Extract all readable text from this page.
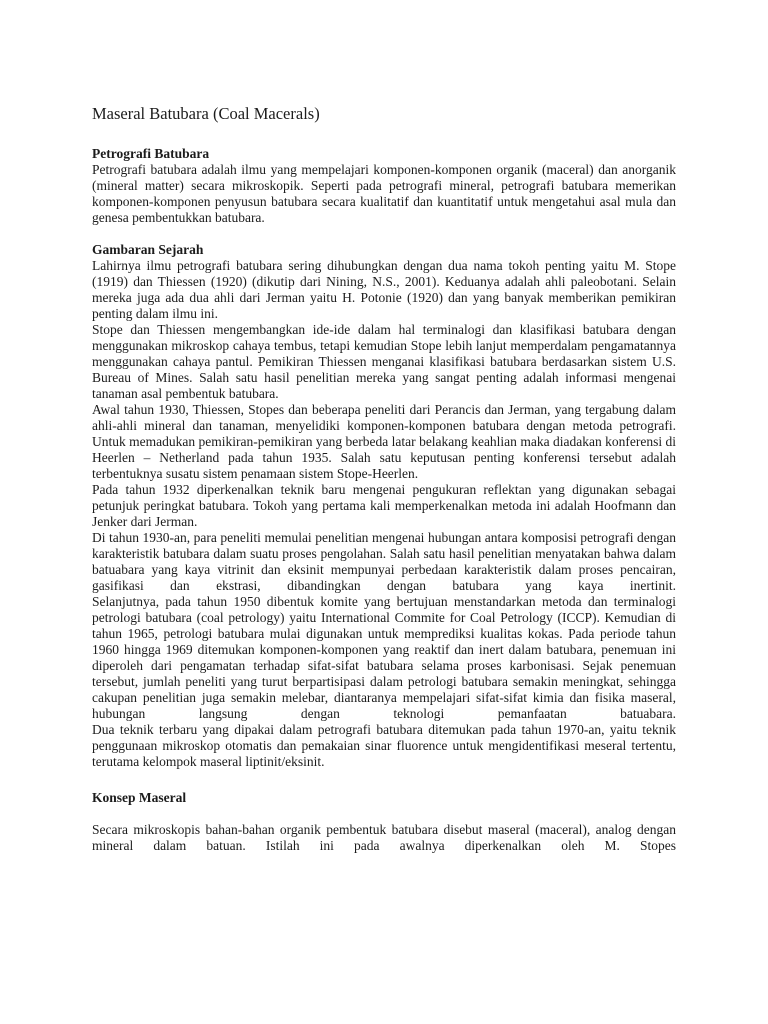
Maseral Batubara (Coal Macerals)
Petrografi Batubara

Petrografi batubara adalah ilmu yang mempelajari komponen-komponen organik (maceral) dan anorganik (mineral matter) secara mikroskopik. Seperti pada petrografi mineral, petrografi batubara memerikan komponen-komponen penyusun batubara secara kualitatif dan kuantitatif untuk mengetahui asal mula dan genesa pembentukkan batubara.

Gambaran Sejarah

Lahirnya ilmu petrografi batubara sering dihubungkan dengan dua nama tokoh penting yaitu M. Stope (1919) dan Thiessen (1920) (dikutip dari Nining, N.S., 2001). Keduanya adalah ahli paleobotani. Selain mereka juga ada dua ahli dari Jerman yaitu H. Potonie (1920) dan yang banyak memberikan pemikiran penting dalam ilmu ini.

Stope dan Thiessen mengembangkan ide-ide dalam hal terminalogi dan klasifikasi batubara dengan menggunakan mikroskop cahaya tembus, tetapi kemudian Stope lebih lanjut memperdalam pengamatannya menggunakan cahaya pantul. Pemikiran Thiessen menganai klasifikasi batubara berdasarkan sistem U.S. Bureau of Mines. Salah satu hasil penelitian mereka yang sangat penting adalah informasi mengenai tanaman asal pembentuk batubara.

Awal tahun 1930, Thiessen, Stopes dan beberapa peneliti dari Perancis dan Jerman, yang tergabung dalam ahli-ahli mineral dan tanaman, menyelidiki komponen-komponen batubara dengan metoda petrografi. Untuk memadukan pemikiran-pemikiran yang berbeda latar belakang keahlian maka diadakan konferensi di Heerlen – Netherland pada tahun 1935. Salah satu keputusan penting konferensi tersebut adalah terbentuknya susatu sistem penamaan sistem Stope-Heerlen.

Pada tahun 1932 diperkenalkan teknik baru mengenai pengukuran reflektan yang digunakan sebagai petunjuk peringkat batubara. Tokoh yang pertama kali memperkenalkan metoda ini adalah Hoofmann dan Jenker dari Jerman.

Di tahun 1930-an, para peneliti memulai penelitian mengenai hubungan antara komposisi petrografi dengan karakteristik batubara dalam suatu proses pengolahan. Salah satu hasil penelitian menyatakan bahwa dalam batuabara yang kaya vitrinit dan eksinit mempunyai perbedaan karakteristik dalam proses pencairan, gasifikasi dan ekstrasi, dibandingkan dengan batubara yang kaya inertinit.

Selanjutnya, pada tahun 1950 dibentuk komite yang bertujuan menstandarkan metoda dan terminalogi petrologi batubara (coal petrology) yaitu International Commite for Coal Petrology (ICCP). Kemudian di tahun 1965, petrologi batubara mulai digunakan untuk memprediksi kualitas kokas. Pada periode tahun 1960 hingga 1969 ditemukan komponen-komponen yang reaktif dan inert dalam batubara, penemuan ini diperoleh dari pengamatan terhadap sifat-sifat batubara selama proses karbonisasi. Sejak penemuan tersebut, jumlah peneliti yang turut berpartisipasi dalam petrologi batubara semakin meningkat, sehingga cakupan penelitian juga semakin melebar, diantaranya mempelajari sifat-sifat kimia dan fisika maseral, hubungan langsung dengan teknologi pemanfaatan batuabara.

Dua teknik terbaru yang dipakai dalam petrografi batubara ditemukan pada tahun 1970-an, yaitu teknik penggunaan mikroskop otomatis dan pemakaian sinar fluorence untuk mengidentifikasi meseral tertentu, terutama kelompok maseral liptinit/eksinit.

Konsep Maseral

Secara mikroskopis bahan-bahan organik pembentuk batubara disebut maseral (maceral), analog dengan mineral dalam batuan. Istilah ini pada awalnya diperkenalkan oleh M. Stopes
